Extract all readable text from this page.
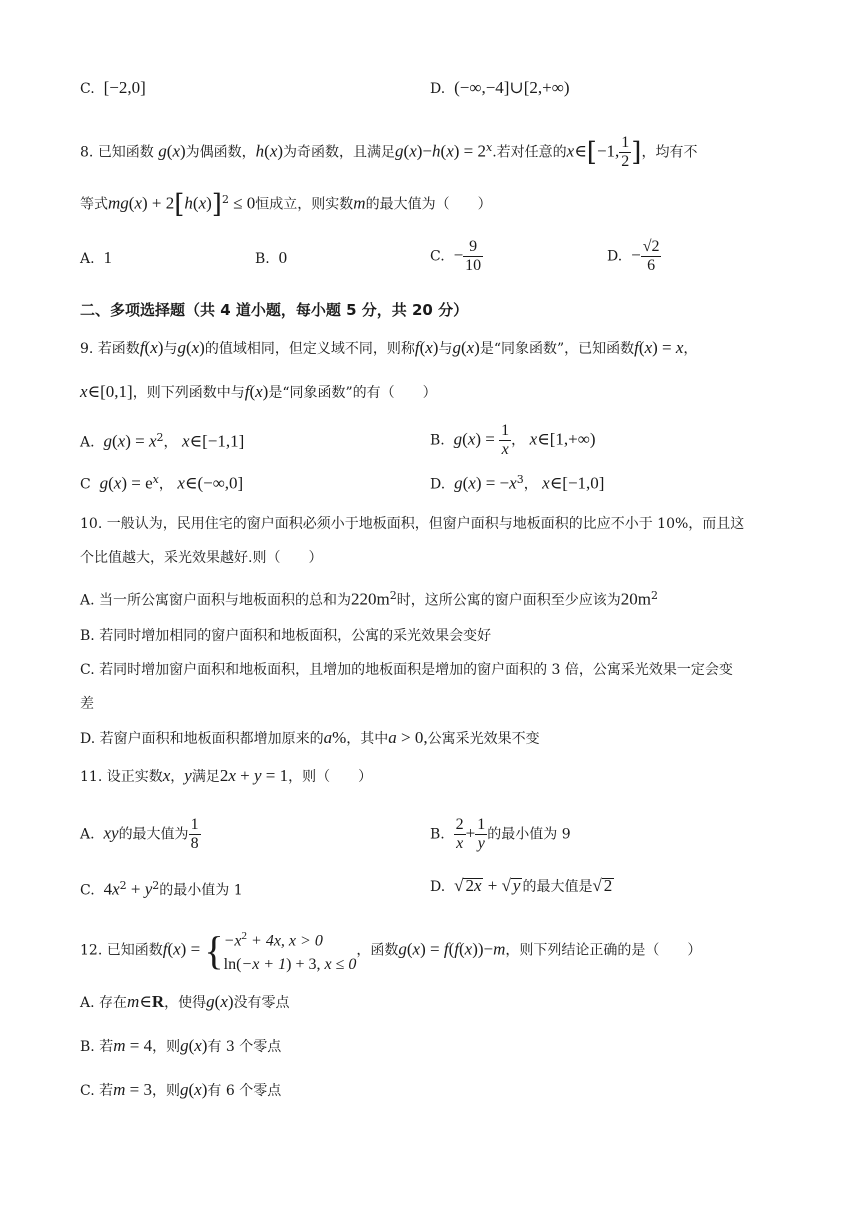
C. [−2,0]	D. (−∞,−4]∪[2,+∞)
8. 已知函数 g(x)为偶函数，h(x)为奇函数，且满足$g(x)-h(x) = 2^x$.若对任意的x∈[−1, $\frac{1}{2}$ ]，均有不
等式$mg(x) + 2[h(x)]^2 \le 0$恒成立，则实数m的最大值为（　　）
A. 1	B. 0	C. − $\frac{9}{10}$	D. − $\frac{√2}{6}$
二、多项选择题（共 4 道小题，每小题 5 分，共 20 分）
9. 若函数f(x)与g(x)的值域相同，但定义域不同，则称f(x)与g(x)是“同象函数”，已知函数f(x) = x，
x∈[0,1]，则下列函数中与f(x)是“同象函数”的有（　　）
A. $g(x) = x^2$， x∈[−1,1]	B. $g(x) = \frac{1}{x}$ ， x∈[1,+∞)
C $g(x) = e^x$， x∈(−∞,0]	D. $g(x) = -x^3$， x∈[−1,0]
10. 一般认为，民用住宅的窗户面积必须小于地板面积，但窗户面积与地板面积的比应不小于 10%，而且这
个比值越大，采光效果越好.则（　　）
A. 当一所公寓窗户面积与地板面积的总和为$220m^2$时，这所公寓的窗户面积至少应该为$20m^2$
B. 若同时增加相同的窗户面积和地板面积，公寓的采光效果会变好
C. 若同时增加窗户面积和地板面积，且增加的地板面积是增加的窗户面积的 3 倍，公寓采光效果一定会变
差
D. 若窗户面积和地板面积都增加原来的a%，其中a > 0,公寓采光效果不变
11. 设正实数x，y满足2x + y = 1，则（　　）
A. xy的最大值为 $\frac{1}{8}$	B. $\frac{2}{x} + \frac{1}{y}$ 的最小值为 9
C. $4x^2 + y^2$的最小值为 1	D. √ 2x + √ y 的最大值是√ 2
12. 已知函数f(x) = { $-x^2 + 4x$, x > 0
ln(−x + 1) + 3, x ≤ 0
，函数g(x) = f(f(x))−m，则下列结论正确的是（　　）
A. 存在m∈R，使得g(x)没有零点
B. 若m = 4，则g(x)有 3 个零点
C. 若m = 3，则g(x)有 6 个零点
